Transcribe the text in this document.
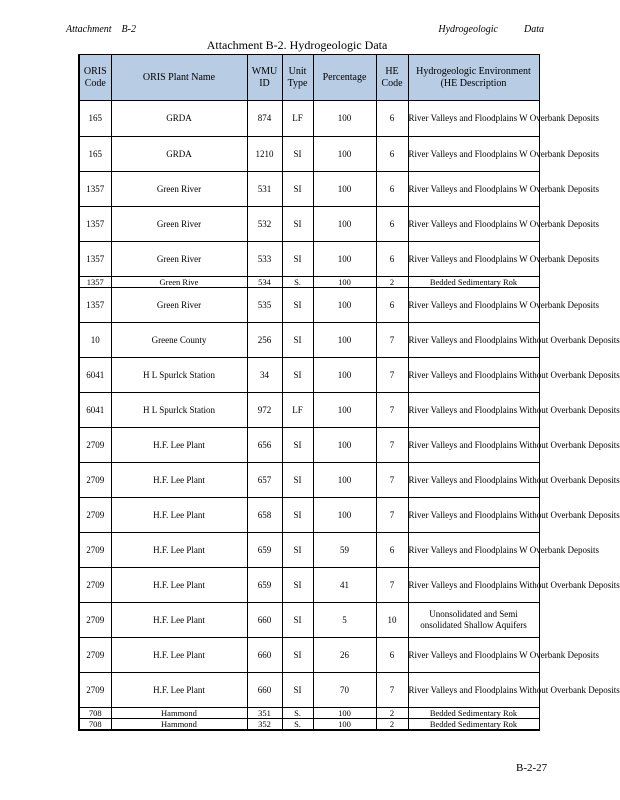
Attachment B-2	Hydrogeologic	Data
Attachment B-2. Hydrogeologic Data
ORIS Code	ORIS Plant Name	WMU ID	Unit Type	Percentage	HE Code	Hydrogeologic Environment (HE Description
165	GRDA	874	LF	100	6	River Valleys and Floodplains W Overbank Deposits
165	GRDA	1210	SI	100	6	River Valleys and Floodplains W Overbank Deposits
1357	Green River	531	SI	100	6	River Valleys and Floodplains W Overbank Deposits
1357	Green River	532	SI	100	6	River Valleys and Floodplains W Overbank Deposits
1357	Green River	533	SI	100	6	River Valleys and Floodplains W Overbank Deposits
1357	Green Rive	534	S.	100	2	Bedded Sedimentary Rok
1357	Green River	535	SI	100	6	River Valleys and Floodplains W Overbank Deposits
10	Greene County	256	SI	100	7	River Valleys and Floodplains Without Overbank Deposits
6041	H L Spurlck Station	34	SI	100	7	River Valleys and Floodplains Without Overbank Deposits
6041	H L Spurlck Station	972	LF	100	7	River Valleys and Floodplains Without Overbank Deposits
2709	H.F. Lee Plant	656	SI	100	7	River Valleys and Floodplains Without Overbank Deposits
2709	H.F. Lee Plant	657	SI	100	7	River Valleys and Floodplains Without Overbank Deposits
2709	H.F. Lee Plant	658	SI	100	7	River Valleys and Floodplains Without Overbank Deposits
2709	H.F. Lee Plant	659	SI	59	6	River Valleys and Floodplains W Overbank Deposits
2709	H.F. Lee Plant	659	SI	41	7	River Valleys and Floodplains Without Overbank Deposits
2709	H.F. Lee Plant	660	SI	5	10	Unonsolidated and Semi onsolidated Shallow Aquifers
2709	H.F. Lee Plant	660	SI	26	6	River Valleys and Floodplains W Overbank Deposits
2709	H.F. Lee Plant	660	SI	70	7	River Valleys and Floodplains Without Overbank Deposits
708	Hammond	351	S.	100	2	Bedded Sedimentary Rok
708	Hammond	352	S.	100	2	Bedded Sedimentary Rok
B-2-27
